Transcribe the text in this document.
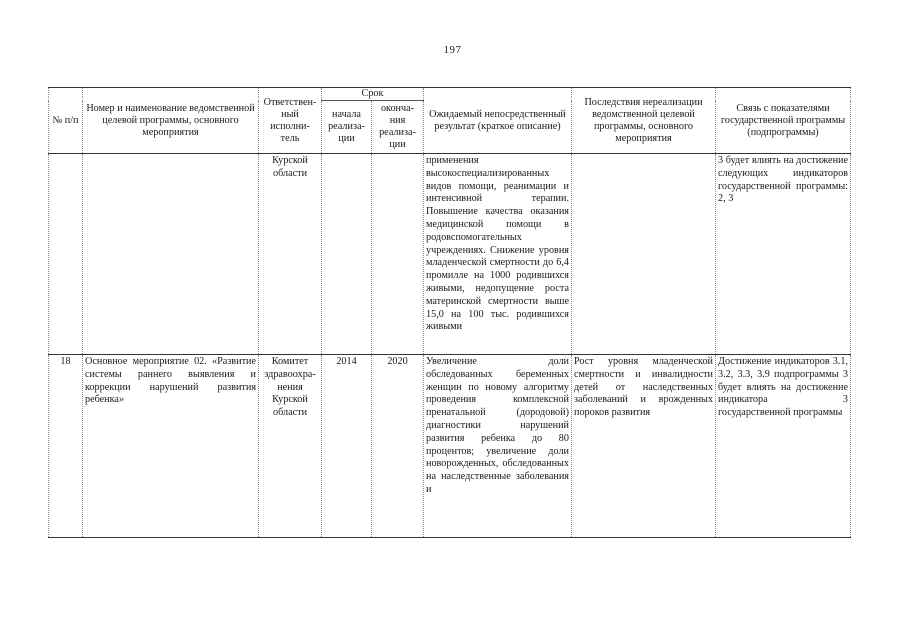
197
№ п/п	Номер и наименование ведомственной целевой программы, основного мероприятия	Ответствен-ный исполни-тель	Срок		Ожидаемый непосредственный результат (краткое описание)	Последствия нереализации ведомственной целевой программы, основного мероприятия	Связь с показателями государственной программы (подпрограммы)
			начала реализа-ции	оконча-ния реализа-ции			
		Курской области			применения высокоспециализированных видов помощи, реанимации и интенсивной терапии. Повышение качества оказания медицинской помощи в родовспомогательных учреждениях. Снижение уровня младенческой смертности до 6,4 промилле на 1000 родившихся живыми, недопущение роста материнской смертности выше 15,0 на 100 тыс. родившихся живыми		3 будет влиять на достижение следующих индикаторов государственной программы: 2, 3
18	Основное мероприятие 02. «Развитие системы раннего выявления и коррекции нарушений развития ребенка»	Комитет здравоохра-нения Курской области	2014	2020	Увеличение доли обследованных беременных женщин по новому алгоритму проведения комплексной пренатальной (дородовой) диагностики нарушений развития ребенка до 80 процентов; увеличение доли новорожденных, обследованных на наследственные заболевания и	Рост уровня младенческой смертности и инвалидности детей от наследственных заболеваний и врожденных пороков развития	Достижение индикаторов 3.1, 3.2, 3.3, 3.9 подпрограммы 3 будет влиять на достижение индикатора 3 государственной программы
